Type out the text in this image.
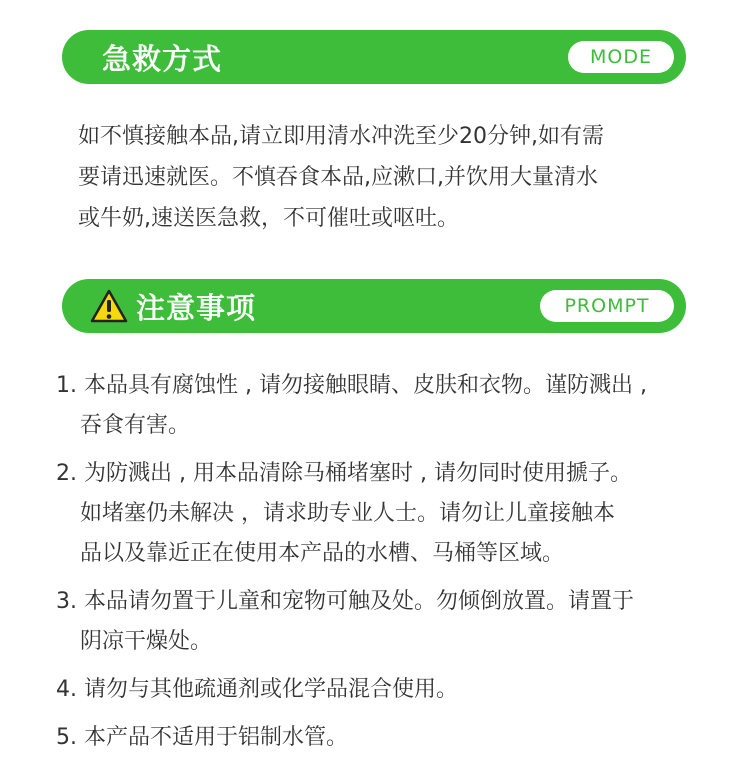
急救方式	MODE
如不慎接触本品,请立即用清水冲洗至少20分钟,如有需
要请迅速就医。不慎吞食本品,应漱口,并饮用大量清水
或牛奶,速送医急救，不可催吐或呕吐。
注意事项	PROMPT
1. 本品具有腐蚀性 , 请勿接触眼睛、皮肤和衣物。谨防溅出 ,
吞食有害。
2. 为防溅出 , 用本品清除马桶堵塞时 , 请勿同时使用搋子。
如堵塞仍未解决 ，请求助专业人士。请勿让儿童接触本
品以及靠近正在使用本产品的水槽、马桶等区域。
3. 本品请勿置于儿童和宠物可触及处。勿倾倒放置。请置于
阴凉干燥处。
4. 请勿与其他疏通剂或化学品混合使用。
5. 本产品不适用于铝制水管。
